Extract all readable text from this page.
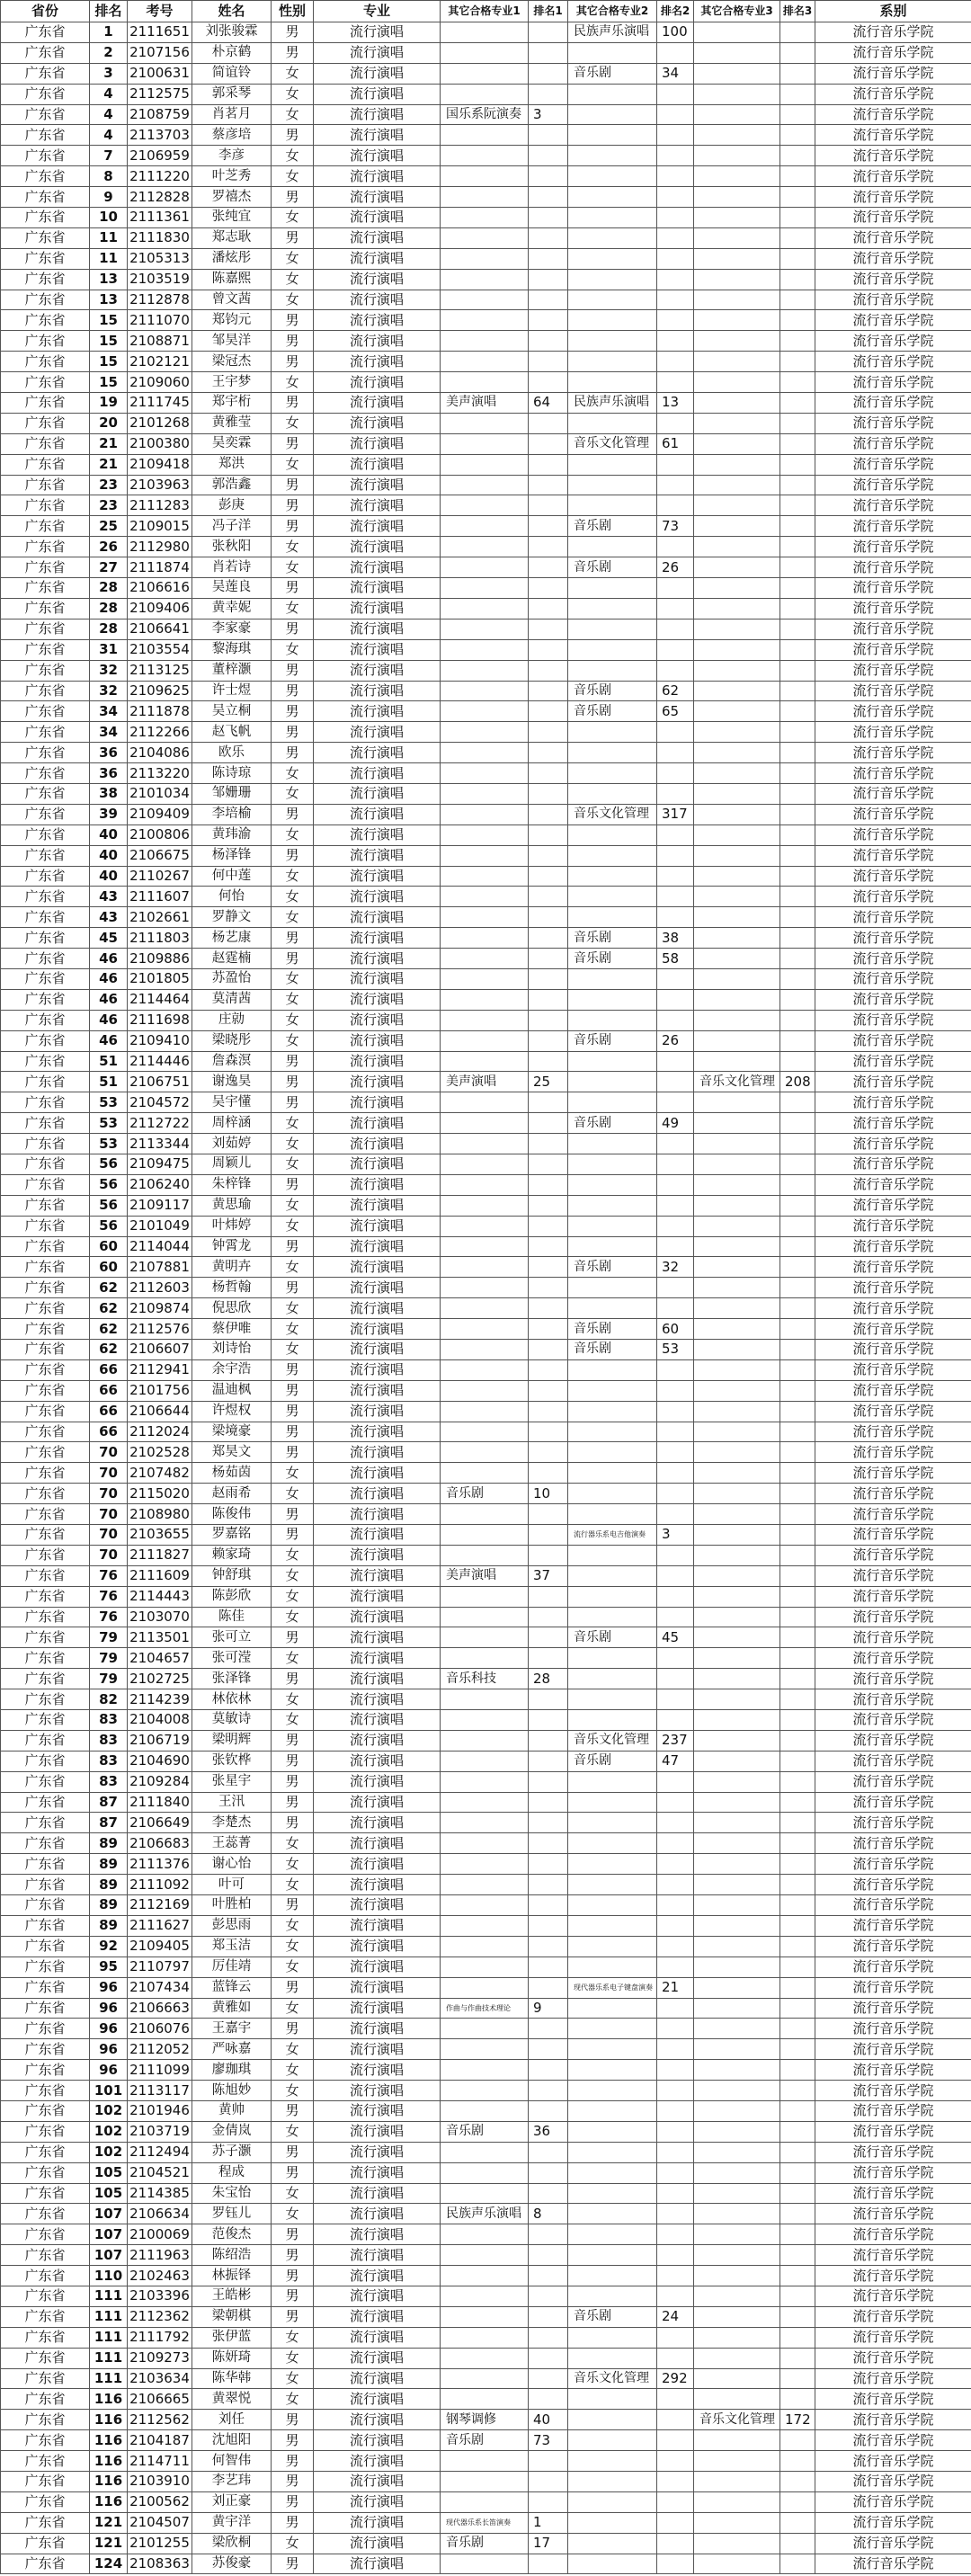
省份	排名	考号	姓名	性别	专业	其它合格专业1	排名1	其它合格专业2	排名2	其它合格专业3	排名3	系别
广东省	1	2111651	刘张骏霖	男	流行演唱			民族声乐演唱	100			流行音乐学院
广东省	2	2107156	朴京鹤	男	流行演唱							流行音乐学院
广东省	3	2100631	简谊铃	女	流行演唱			音乐剧	34			流行音乐学院
广东省	4	2112575	郭采琴	女	流行演唱							流行音乐学院
广东省	4	2108759	肖茗月	女	流行演唱	国乐系阮演奏	3					流行音乐学院
广东省	4	2113703	蔡彦培	男	流行演唱							流行音乐学院
广东省	7	2106959	李彦	女	流行演唱							流行音乐学院
广东省	8	2111220	叶芝秀	女	流行演唱							流行音乐学院
广东省	9	2112828	罗禧杰	男	流行演唱							流行音乐学院
广东省	10	2111361	张纯宜	女	流行演唱							流行音乐学院
广东省	11	2111830	郑志耿	男	流行演唱							流行音乐学院
广东省	11	2105313	潘炫彤	女	流行演唱							流行音乐学院
广东省	13	2103519	陈嘉熙	女	流行演唱							流行音乐学院
广东省	13	2112878	曾文茜	女	流行演唱							流行音乐学院
广东省	15	2111070	郑钧元	男	流行演唱							流行音乐学院
广东省	15	2108871	邹昊洋	男	流行演唱							流行音乐学院
广东省	15	2102121	梁冠杰	男	流行演唱							流行音乐学院
广东省	15	2109060	王宇梦	女	流行演唱							流行音乐学院
广东省	19	2111745	郑宇桁	男	流行演唱	美声演唱	64	民族声乐演唱	13			流行音乐学院
广东省	20	2101268	黄雅莹	女	流行演唱							流行音乐学院
广东省	21	2100380	吴奕霖	男	流行演唱			音乐文化管理	61			流行音乐学院
广东省	21	2109418	郑洪	女	流行演唱							流行音乐学院
广东省	23	2103963	郭浩鑫	男	流行演唱							流行音乐学院
广东省	23	2111283	彭庚	男	流行演唱							流行音乐学院
广东省	25	2109015	冯子洋	男	流行演唱			音乐剧	73			流行音乐学院
广东省	26	2112980	张秋阳	女	流行演唱							流行音乐学院
广东省	27	2111874	肖若诗	女	流行演唱			音乐剧	26			流行音乐学院
广东省	28	2106616	吴莲良	男	流行演唱							流行音乐学院
广东省	28	2109406	黄幸妮	女	流行演唱							流行音乐学院
广东省	28	2106641	李家豪	男	流行演唱							流行音乐学院
广东省	31	2103554	黎海琪	女	流行演唱							流行音乐学院
广东省	32	2113125	董梓灏	男	流行演唱							流行音乐学院
广东省	32	2109625	许士煜	男	流行演唱			音乐剧	62			流行音乐学院
广东省	34	2111878	吴立桐	男	流行演唱			音乐剧	65			流行音乐学院
广东省	34	2112266	赵飞帆	男	流行演唱							流行音乐学院
广东省	36	2104086	欧乐	男	流行演唱							流行音乐学院
广东省	36	2113220	陈诗琼	女	流行演唱							流行音乐学院
广东省	38	2101034	邹姗珊	女	流行演唱							流行音乐学院
广东省	39	2109409	李培榆	男	流行演唱			音乐文化管理	317			流行音乐学院
广东省	40	2100806	黄玮渝	女	流行演唱							流行音乐学院
广东省	40	2106675	杨泽锋	男	流行演唱							流行音乐学院
广东省	40	2110267	何中莲	女	流行演唱							流行音乐学院
广东省	43	2111607	何怡	女	流行演唱							流行音乐学院
广东省	43	2102661	罗静文	女	流行演唱							流行音乐学院
广东省	45	2111803	杨艺康	男	流行演唱			音乐剧	38			流行音乐学院
广东省	46	2109886	赵霆楠	男	流行演唱			音乐剧	58			流行音乐学院
广东省	46	2101805	苏盈怡	女	流行演唱							流行音乐学院
广东省	46	2114464	莫清茜	女	流行演唱							流行音乐学院
广东省	46	2111698	庄勍	女	流行演唱							流行音乐学院
广东省	46	2109410	梁晓彤	女	流行演唱			音乐剧	26			流行音乐学院
广东省	51	2114446	詹森溟	男	流行演唱							流行音乐学院
广东省	51	2106751	谢逸昊	男	流行演唱	美声演唱	25			音乐文化管理	208	流行音乐学院
广东省	53	2104572	吴宇懂	男	流行演唱							流行音乐学院
广东省	53	2112722	周梓涵	女	流行演唱			音乐剧	49			流行音乐学院
广东省	53	2113344	刘茹婷	女	流行演唱							流行音乐学院
广东省	56	2109475	周颖儿	女	流行演唱							流行音乐学院
广东省	56	2106240	朱梓锋	男	流行演唱							流行音乐学院
广东省	56	2109117	黄思瑜	女	流行演唱							流行音乐学院
广东省	56	2101049	叶炜婷	女	流行演唱							流行音乐学院
广东省	60	2114044	钟霄龙	男	流行演唱							流行音乐学院
广东省	60	2107881	黄明卉	女	流行演唱			音乐剧	32			流行音乐学院
广东省	62	2112603	杨哲翰	男	流行演唱							流行音乐学院
广东省	62	2109874	倪思欣	女	流行演唱							流行音乐学院
广东省	62	2112576	蔡伊唯	女	流行演唱			音乐剧	60			流行音乐学院
广东省	62	2106607	刘诗怡	女	流行演唱			音乐剧	53			流行音乐学院
广东省	66	2112941	余宇浩	男	流行演唱							流行音乐学院
广东省	66	2101756	温迪枫	男	流行演唱							流行音乐学院
广东省	66	2106644	许煜权	男	流行演唱							流行音乐学院
广东省	66	2112024	梁境豪	男	流行演唱							流行音乐学院
广东省	70	2102528	郑昊文	男	流行演唱							流行音乐学院
广东省	70	2107482	杨茹茵	女	流行演唱							流行音乐学院
广东省	70	2115020	赵雨希	女	流行演唱	音乐剧	10					流行音乐学院
广东省	70	2108980	陈俊伟	男	流行演唱							流行音乐学院
广东省	70	2103655	罗嘉铭	男	流行演唱			流行器乐系电吉他演奏	3			流行音乐学院
广东省	70	2111827	赖家琦	女	流行演唱							流行音乐学院
广东省	76	2111609	钟舒琪	女	流行演唱	美声演唱	37					流行音乐学院
广东省	76	2114443	陈彭欣	女	流行演唱							流行音乐学院
广东省	76	2103070	陈佳	女	流行演唱							流行音乐学院
广东省	79	2113501	张可立	男	流行演唱			音乐剧	45			流行音乐学院
广东省	79	2104657	张可滢	女	流行演唱							流行音乐学院
广东省	79	2102725	张泽锋	男	流行演唱	音乐科技	28					流行音乐学院
广东省	82	2114239	林依林	女	流行演唱							流行音乐学院
广东省	83	2104008	莫敏诗	女	流行演唱							流行音乐学院
广东省	83	2106719	梁明辉	男	流行演唱			音乐文化管理	237			流行音乐学院
广东省	83	2104690	张钦桦	男	流行演唱			音乐剧	47			流行音乐学院
广东省	83	2109284	张星宇	男	流行演唱							流行音乐学院
广东省	87	2111840	王汛	男	流行演唱							流行音乐学院
广东省	87	2106649	李楚杰	男	流行演唱							流行音乐学院
广东省	89	2106683	王蕊菁	女	流行演唱							流行音乐学院
广东省	89	2111376	谢心怡	女	流行演唱							流行音乐学院
广东省	89	2111092	叶可	女	流行演唱							流行音乐学院
广东省	89	2112169	叶胜柏	男	流行演唱							流行音乐学院
广东省	89	2111627	彭思雨	女	流行演唱							流行音乐学院
广东省	92	2109405	郑玉洁	女	流行演唱							流行音乐学院
广东省	95	2110797	厉佳靖	女	流行演唱							流行音乐学院
广东省	96	2107434	蓝锋云	男	流行演唱			现代器乐系电子键盘演奏	21			流行音乐学院
广东省	96	2106663	黄雅如	女	流行演唱	作曲与作曲技术理论	9					流行音乐学院
广东省	96	2106076	王嘉宇	男	流行演唱							流行音乐学院
广东省	96	2112052	严咏嘉	女	流行演唱							流行音乐学院
广东省	96	2111099	廖珈琪	女	流行演唱							流行音乐学院
广东省	101	2113117	陈旭妙	女	流行演唱							流行音乐学院
广东省	102	2101946	黄帅	男	流行演唱							流行音乐学院
广东省	102	2103719	金倩岚	女	流行演唱	音乐剧	36					流行音乐学院
广东省	102	2112494	苏子灏	男	流行演唱							流行音乐学院
广东省	105	2104521	程成	男	流行演唱							流行音乐学院
广东省	105	2114385	朱宝怡	女	流行演唱							流行音乐学院
广东省	107	2106634	罗钰儿	女	流行演唱	民族声乐演唱	8					流行音乐学院
广东省	107	2100069	范俊杰	男	流行演唱							流行音乐学院
广东省	107	2111963	陈绍浩	男	流行演唱							流行音乐学院
广东省	110	2102463	林振铎	男	流行演唱							流行音乐学院
广东省	111	2103396	王皓彬	男	流行演唱							流行音乐学院
广东省	111	2112362	梁朝棋	男	流行演唱			音乐剧	24			流行音乐学院
广东省	111	2111792	张伊蓝	女	流行演唱							流行音乐学院
广东省	111	2109273	陈妍琦	女	流行演唱							流行音乐学院
广东省	111	2103634	陈华韩	女	流行演唱			音乐文化管理	292			流行音乐学院
广东省	116	2106665	黄翠悦	女	流行演唱							流行音乐学院
广东省	116	2112562	刘任	男	流行演唱	钢琴调修	40			音乐文化管理	172	流行音乐学院
广东省	116	2104187	沈旭阳	男	流行演唱	音乐剧	73					流行音乐学院
广东省	116	2114711	何智伟	男	流行演唱							流行音乐学院
广东省	116	2103910	李艺玮	男	流行演唱							流行音乐学院
广东省	116	2100562	刘正豪	男	流行演唱							流行音乐学院
广东省	121	2104507	黄宇洋	男	流行演唱	现代器乐系长笛演奏	1					流行音乐学院
广东省	121	2101255	梁欣桐	女	流行演唱	音乐剧	17					流行音乐学院
广东省	124	2108363	苏俊豪	男	流行演唱							流行音乐学院
